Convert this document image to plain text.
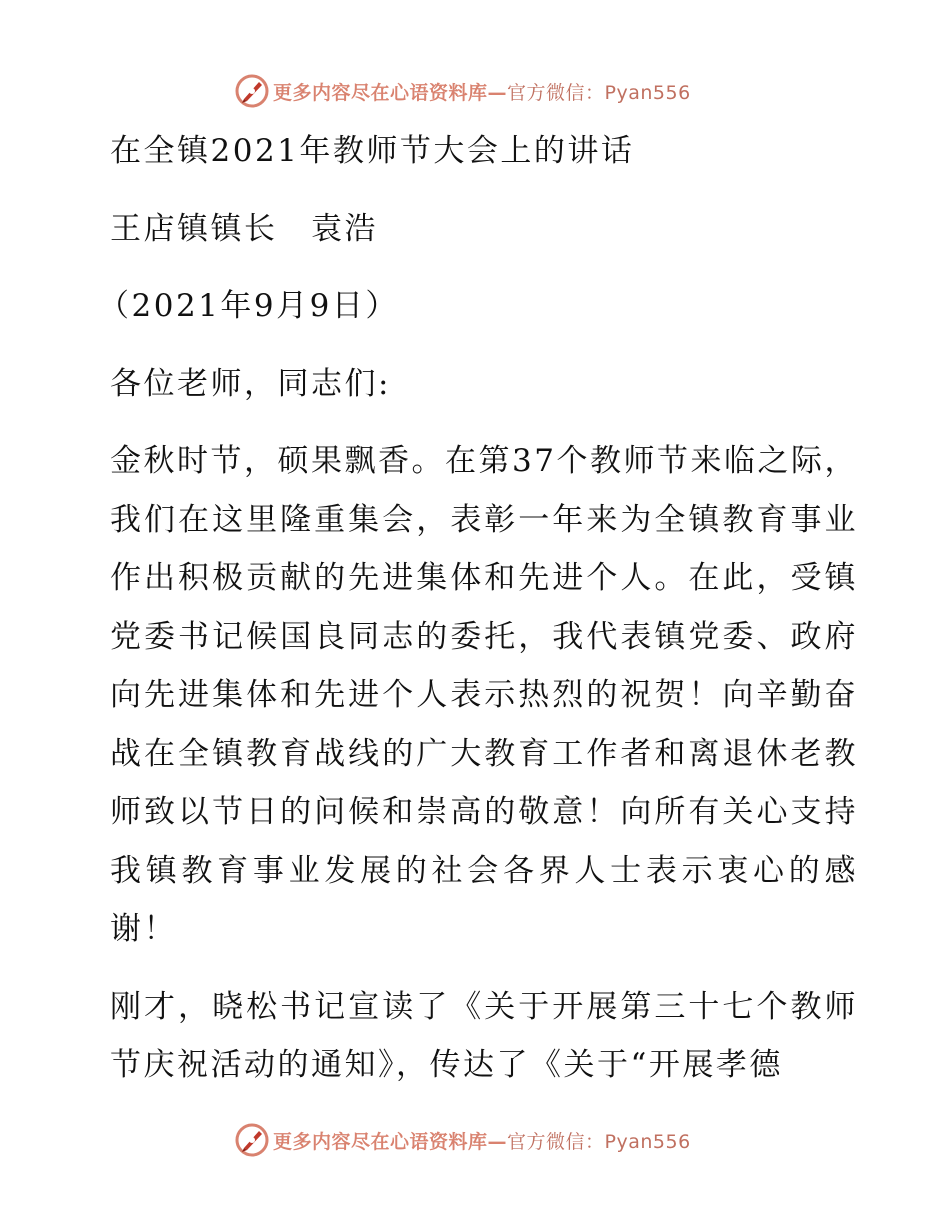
更多内容尽在心语资料库—官方微信：Pyan556

在全镇2021年教师节大会上的讲话

王店镇镇长　袁浩

（2021年9月9日）

各位老师，同志们:

金秋时节，硕果飘香。在第37个教师节来临之际，我们在这里隆重集会，表彰一年来为全镇教育事业作出积极贡献的先进集体和先进个人。在此，受镇党委书记候国良同志的委托，我代表镇党委、政府向先进集体和先进个人表示热烈的祝贺！向辛勤奋战在全镇教育战线的广大教育工作者和离退休老教师致以节日的问候和崇高的敬意！向所有关心支持我镇教育事业发展的社会各界人士表示衷心的感谢！

刚才，晓松书记宣读了《关于开展第三十七个教师节庆祝活动的通知》，传达了《关于“开展孝德

更多内容尽在心语资料库—官方微信：Pyan556
